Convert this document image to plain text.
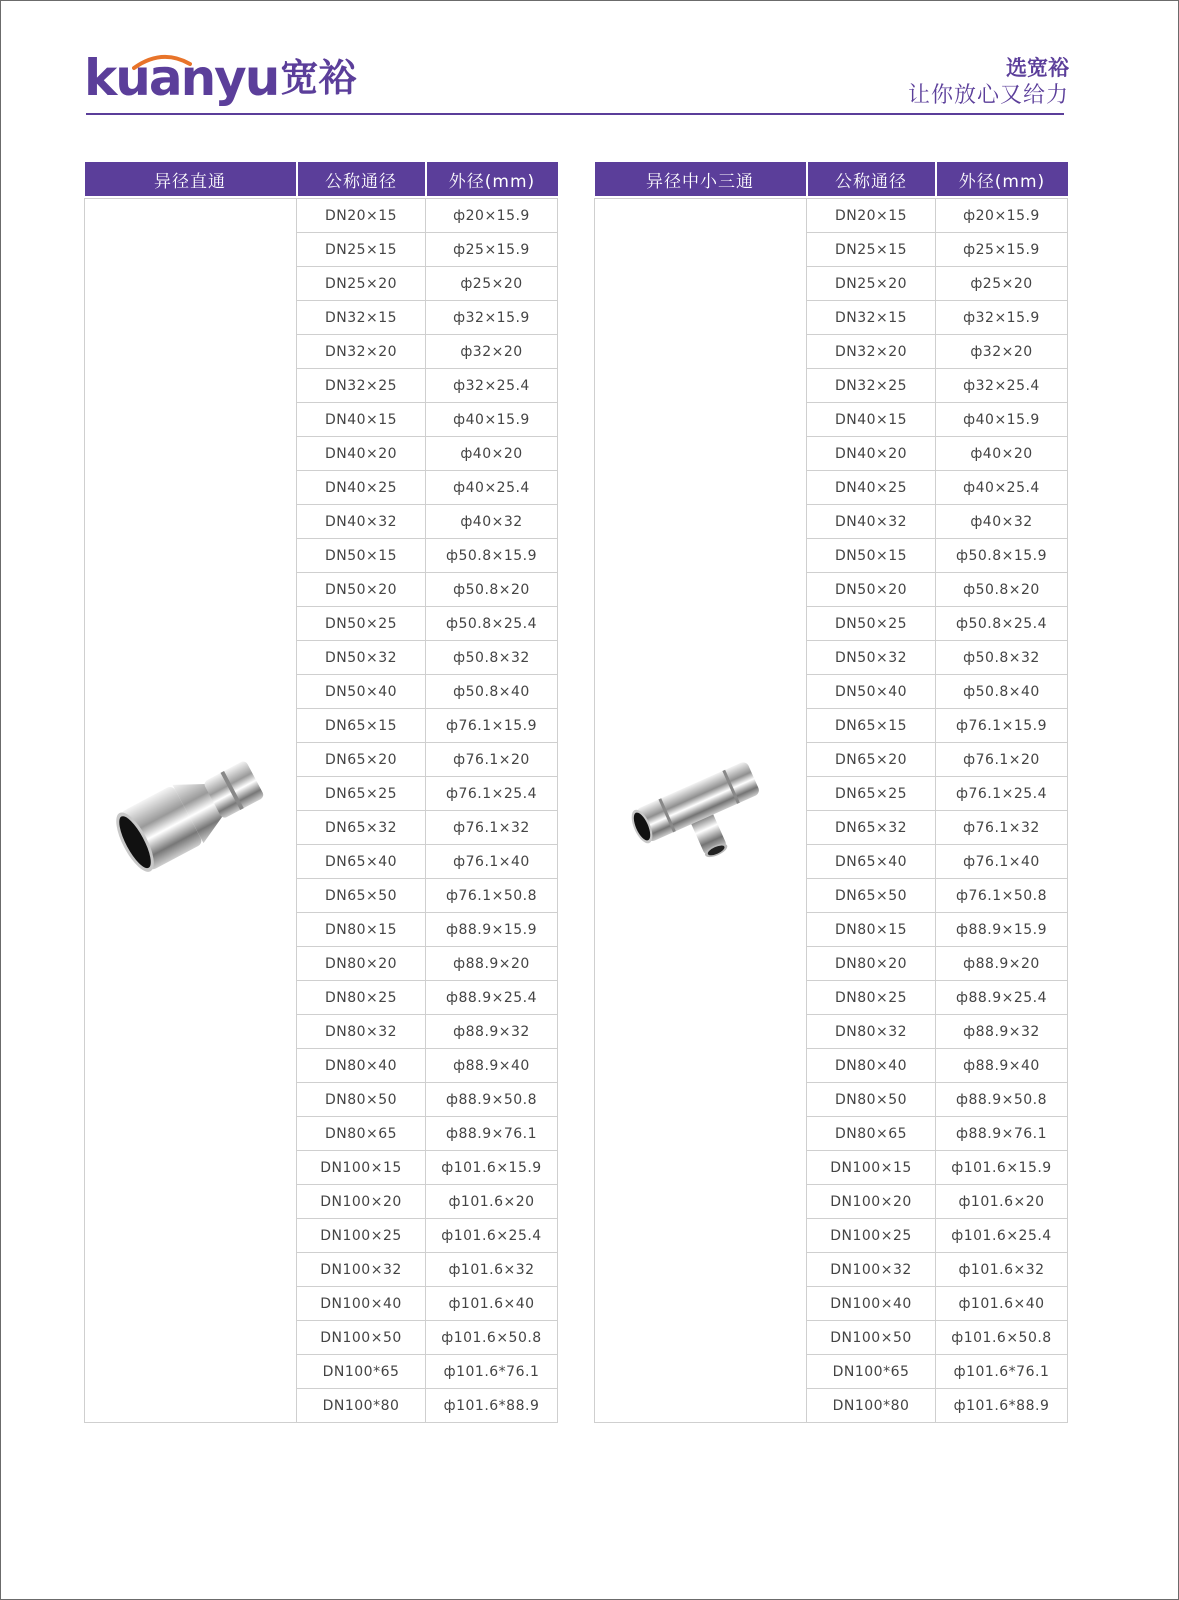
kuanyu宽裕	选宽裕
让你放心又给力
异径直通	公称通径	外径(mm)

	DN20×15	ф20×15.9
	DN25×15	ф25×15.9
	DN25×20	ф25×20
	DN32×15	ф32×15.9
	DN32×20	ф32×20
	DN32×25	ф32×25.4
	DN40×15	ф40×15.9
	DN40×20	ф40×20
	DN40×25	ф40×25.4
	DN40×32	ф40×32
	DN50×15	ф50.8×15.9
	DN50×20	ф50.8×20
	DN50×25	ф50.8×25.4
	DN50×32	ф50.8×32
	DN50×40	ф50.8×40
	DN65×15	ф76.1×15.9
	DN65×20	ф76.1×20
	DN65×25	ф76.1×25.4
	DN65×32	ф76.1×32
	DN65×40	ф76.1×40
	DN65×50	ф76.1×50.8
	DN80×15	ф88.9×15.9
	DN80×20	ф88.9×20
	DN80×25	ф88.9×25.4
	DN80×32	ф88.9×32
	DN80×40	ф88.9×40
	DN80×50	ф88.9×50.8
	DN80×65	ф88.9×76.1
	DN100×15	ф101.6×15.9
	DN100×20	ф101.6×20
	DN100×25	ф101.6×25.4
	DN100×32	ф101.6×32
	DN100×40	ф101.6×40
	DN100×50	ф101.6×50.8
	DN100*65	ф101.6*76.1
	DN100*80	ф101.6*88.9
异径中小三通	公称通径	外径(mm)

	DN20×15	ф20×15.9
	DN25×15	ф25×15.9
	DN25×20	ф25×20
	DN32×15	ф32×15.9
	DN32×20	ф32×20
	DN32×25	ф32×25.4
	DN40×15	ф40×15.9
	DN40×20	ф40×20
	DN40×25	ф40×25.4
	DN40×32	ф40×32
	DN50×15	ф50.8×15.9
	DN50×20	ф50.8×20
	DN50×25	ф50.8×25.4
	DN50×32	ф50.8×32
	DN50×40	ф50.8×40
	DN65×15	ф76.1×15.9
	DN65×20	ф76.1×20
	DN65×25	ф76.1×25.4
	DN65×32	ф76.1×32
	DN65×40	ф76.1×40
	DN65×50	ф76.1×50.8
	DN80×15	ф88.9×15.9
	DN80×20	ф88.9×20
	DN80×25	ф88.9×25.4
	DN80×32	ф88.9×32
	DN80×40	ф88.9×40
	DN80×50	ф88.9×50.8
	DN80×65	ф88.9×76.1
	DN100×15	ф101.6×15.9
	DN100×20	ф101.6×20
	DN100×25	ф101.6×25.4
	DN100×32	ф101.6×32
	DN100×40	ф101.6×40
	DN100×50	ф101.6×50.8
	DN100*65	ф101.6*76.1
	DN100*80	ф101.6*88.9
